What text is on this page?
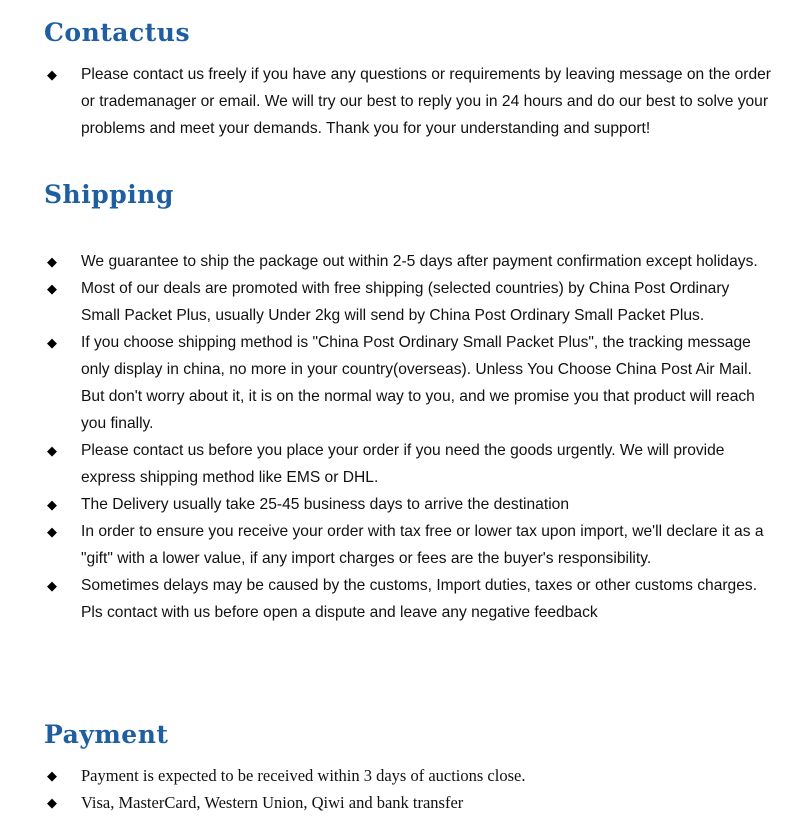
Contactus
◆ Please contact us freely if you have any questions or requirements by leaving message on the order or trademanager or email. We will try our best to reply you in 24 hours and do our best to solve your problems and meet your demands. Thank you for your understanding and support!
Shipping
◆ We guarantee to ship the package out within 2-5 days after payment confirmation except holidays.
◆ Most of our deals are promoted with free shipping (selected countries) by China Post Ordinary Small Packet Plus, usually Under 2kg will send by China Post Ordinary Small Packet Plus.
◆ If you choose shipping method is "China Post Ordinary Small Packet Plus", the tracking message only display in china, no more in your country(overseas). Unless You Choose China Post Air Mail. But don't worry about it, it is on the normal way to you, and we promise you that product will reach you finally.
◆ Please contact us before you place your order if you need the goods urgently. We will provide express shipping method like EMS or DHL.
◆ The Delivery usually take 25-45 business days to arrive the destination
◆ In order to ensure you receive your order with tax free or lower tax upon import, we'll declare it as a "gift" with a lower value, if any import charges or fees are the buyer's responsibility.
◆ Sometimes delays may be caused by the customs, Import duties, taxes or other customs charges. Pls contact with us before open a dispute and leave any negative feedback
Payment
◆ Payment is expected to be received within 3 days of auctions close.
◆ Visa, MasterCard, Western Union, Qiwi and bank transfer
